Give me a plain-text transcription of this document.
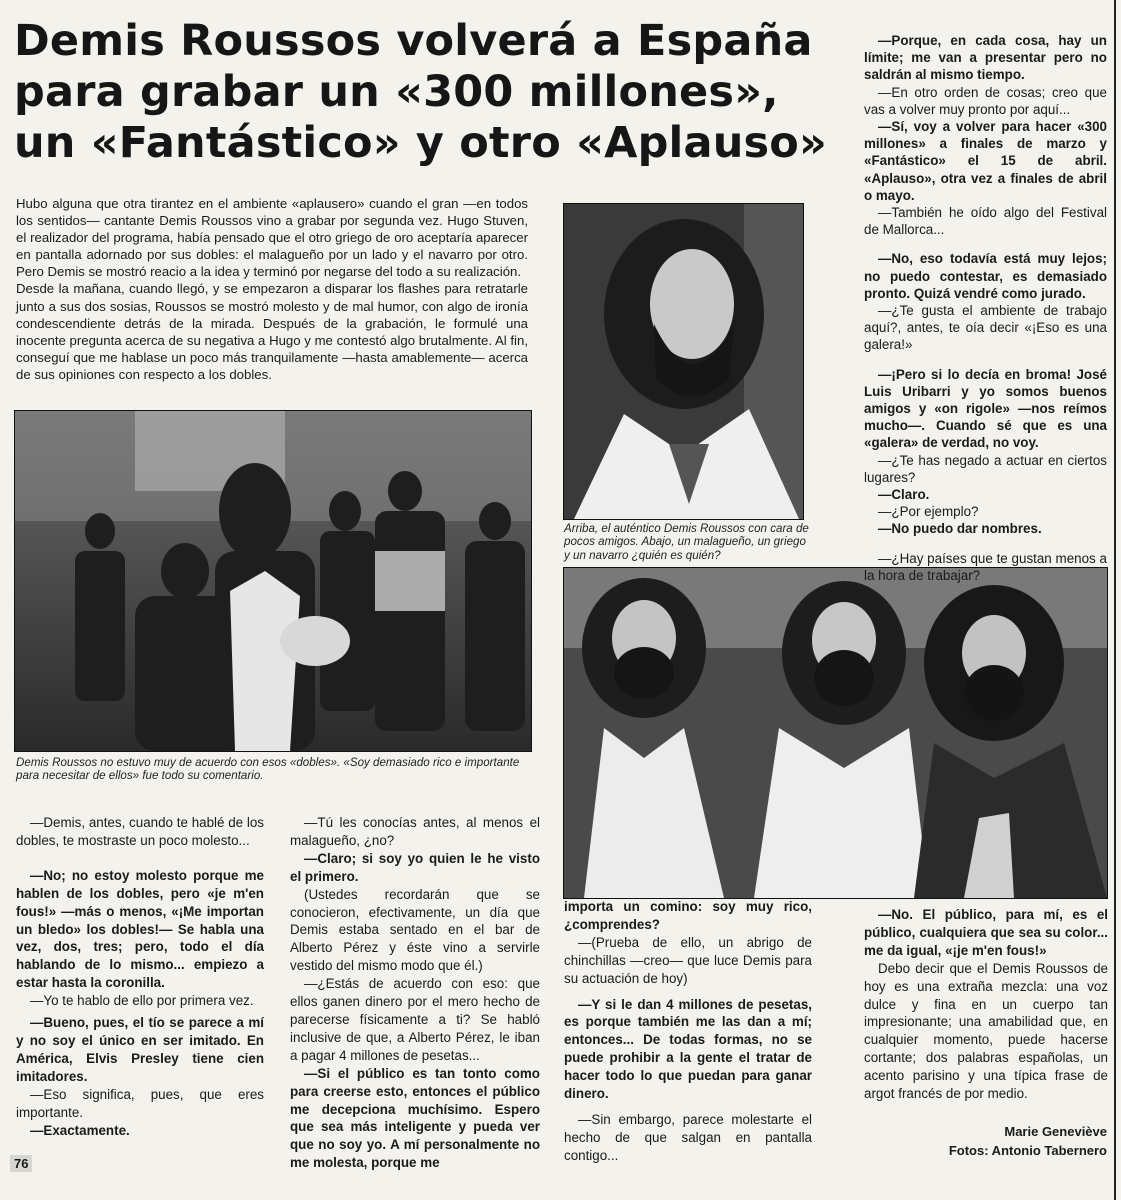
Demis Roussos volverá a España
para grabar un «300 millones»,
un «Fantástico» y otro «Aplauso»

Hubo alguna que otra tirantez en el ambiente «aplausero» cuando el gran —en todos los sentidos— cantante Demis Roussos vino a grabar por segunda vez. Hugo Stuven, el realizador del programa, había pensado que el otro griego de oro aceptaría aparecer en pantalla adornado por sus dobles: el malagueño por un lado y el navarro por otro. Pero Demis se mostró reacio a la idea y terminó por negarse del todo a su realización.

Desde la mañana, cuando llegó, y se empezaron a disparar los flashes para retratarle junto a sus dos sosias, Roussos se mostró molesto y de mal humor, con algo de ironía condescendiente detrás de la mirada. Después de la grabación, le formulé una inocente pregunta acerca de su negativa a Hugo y me contestó algo brutalmente. Al fin, conseguí que me hablase un poco más tranquilamente —hasta amablemente— acerca de sus opiniones con respecto a los dobles.

Demis Roussos no estuvo muy de acuerdo con esos «dobles». «Soy demasiado rico e importante para necesitar de ellos» fue todo su comentario.
Arriba, el auténtico Demis Roussos con cara de pocos amigos. Abajo, un malagueño, un griego y un navarro ¿quién es quién?

—Demis, antes, cuando te hablé de los dobles, te mostraste un poco molesto...

—No; no estoy molesto porque me hablen de los dobles, pero «je m'en fous!» —más o menos, «¡Me importan un bledo» los dobles!— Se habla una vez, dos, tres; pero, todo el día hablando de lo mismo... empiezo a estar hasta la coronilla.

—Yo te hablo de ello por primera vez.

—Bueno, pues, el tío se parece a mí y no soy el único en ser imitado. En América, Elvis Presley tiene cien imitadores.

—Eso significa, pues, que eres importante.

—Exactamente.

—Tú les conocías antes, al menos el malagueño, ¿no?

—Claro; si soy yo quien le he visto el primero.

(Ustedes recordarán que se conocieron, efectivamente, un día que Demis estaba sentado en el bar de Alberto Pérez y éste vino a servirle vestido del mismo modo que él.)

—¿Estás de acuerdo con eso: que ellos ganen dinero por el mero hecho de parecerse físicamente a ti? Se habló inclusive de que, a Alberto Pérez, le iban a pagar 4 millones de pesetas...

—Si el público es tan tonto como para creerse esto, entonces el público me decepciona muchísimo. Espero que sea más inteligente y pueda ver que no soy yo. A mí personalmente no me molesta, porque me

importa un comino: soy muy rico, ¿comprendes?

—(Prueba de ello, un abrigo de chinchillas —creo— que luce Demis para su actuación de hoy)

—Y si le dan 4 millones de pesetas, es porque también me las dan a mí; entonces... De todas formas, no se puede prohibir a la gente el tratar de hacer todo lo que puedan para ganar dinero.

—Sin embargo, parece molestarte el hecho de que salgan en pantalla contigo...

—Porque, en cada cosa, hay un límite; me van a presentar pero no saldrán al mismo tiempo.

—En otro orden de cosas; creo que vas a volver muy pronto por aquí...

—Sí, voy a volver para hacer «300 millones» a finales de marzo y «Fantástico» el 15 de abril. «Aplauso», otra vez a finales de abril o mayo.

—También he oído algo del Festival de Mallorca...

—No, eso todavía está muy lejos; no puedo contestar, es demasiado pronto. Quizá vendré como jurado.

—¿Te gusta el ambiente de trabajo aquí?, antes, te oía decir «¡Eso es una galera!»

—¡Pero si lo decía en broma! José Luis Uribarri y yo somos buenos amigos y «on rigole» —nos reímos mucho—. Cuando sé que es una «galera» de verdad, no voy.

—¿Te has negado a actuar en ciertos lugares?

—Claro.

—¿Por ejemplo?

—No puedo dar nombres.

—¿Hay países que te gustan menos a la hora de trabajar?

—No. El público, para mí, es el público, cualquiera que sea su color... me da igual, «¡je m'en fous!»

Debo decir que el Demis Roussos de hoy es una extraña mezcla: una voz dulce y fina en un cuerpo tan impresionante; una amabilidad que, en cualquier momento, puede hacerse cortante; dos palabras españolas, un acento parisino y una típica frase de argot francés de por medio.

Marie Geneviève
Fotos: Antonio Tabernero
76
